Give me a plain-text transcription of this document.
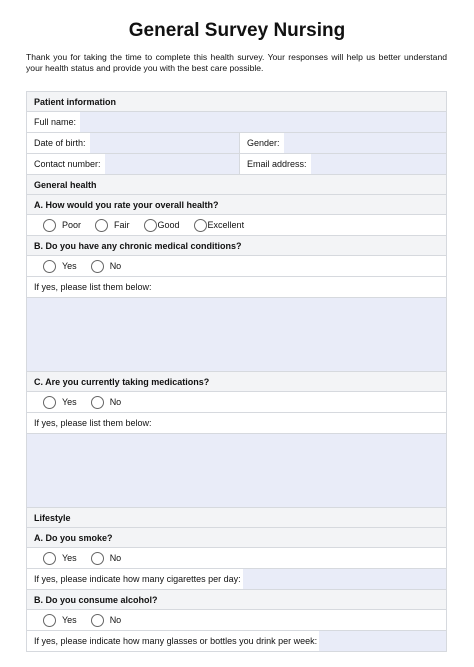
General Survey Nursing
Thank you for taking the time to complete this health survey. Your responses will help us better understand your health status and provide you with the best care possible.
Patient information
Full name:
Date of birth:	Gender:
Contact number:	Email address:
General health
A. How would you rate your overall health?
Poor	Fair	Good	Excellent
B. Do you have any chronic medical conditions?
Yes	No
If yes, please list them below:
C. Are you currently taking medications?
Yes	No
If yes, please list them below:
Lifestyle
A. Do you smoke?
Yes	No
If yes, please indicate how many cigarettes per day:
B. Do you consume alcohol?
Yes	No
If yes, please indicate how many glasses or bottles you drink per week:
